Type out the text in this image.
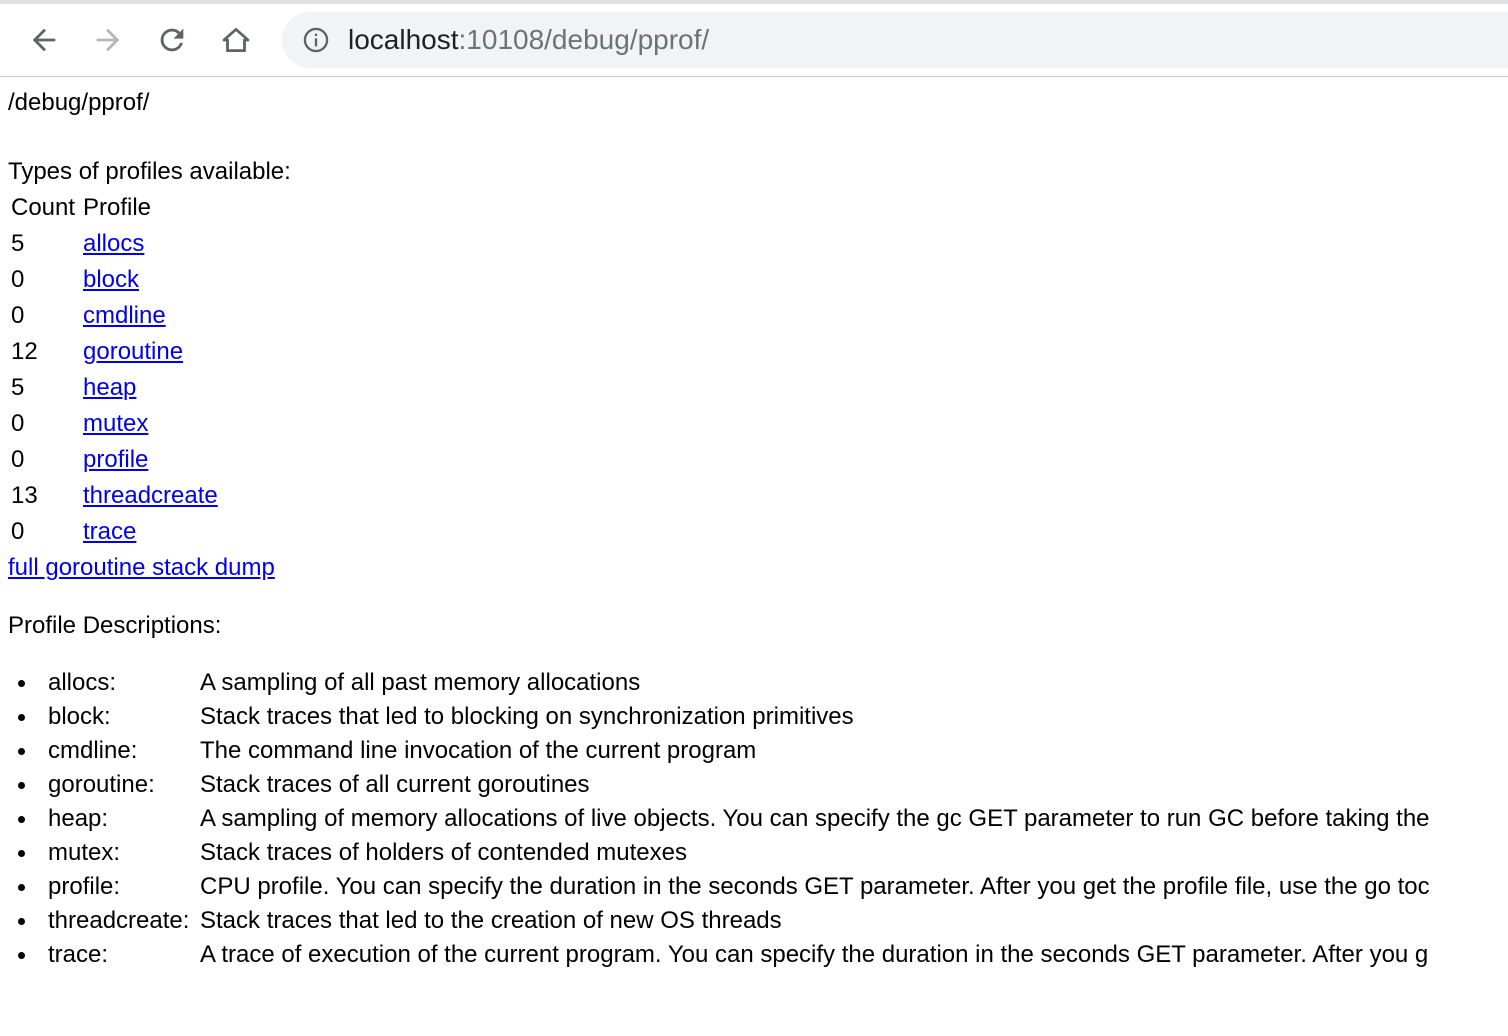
localhost:10108/debug/pprof/
/debug/pprof/
Types of profiles available:
Count	Profile
5	allocs
0	block
0	cmdline
12	goroutine
5	heap
0	mutex
0	profile
13	threadcreate
0	trace
full goroutine stack dump
Profile Descriptions:
allocs:	A sampling of all past memory allocations
block:	Stack traces that led to blocking on synchronization primitives
cmdline:	The command line invocation of the current program
goroutine: Stack traces of all current goroutines
heap:	A sampling of memory allocations of live objects. You can specify the gc GET parameter to run GC before taking the
mutex:	Stack traces of holders of contended mutexes
profile:	CPU profile. You can specify the duration in the seconds GET parameter. After you get the profile file, use the go toc
threadcreate: Stack traces that led to the creation of new OS threads
trace:	A trace of execution of the current program. You can specify the duration in the seconds GET parameter. After you g
